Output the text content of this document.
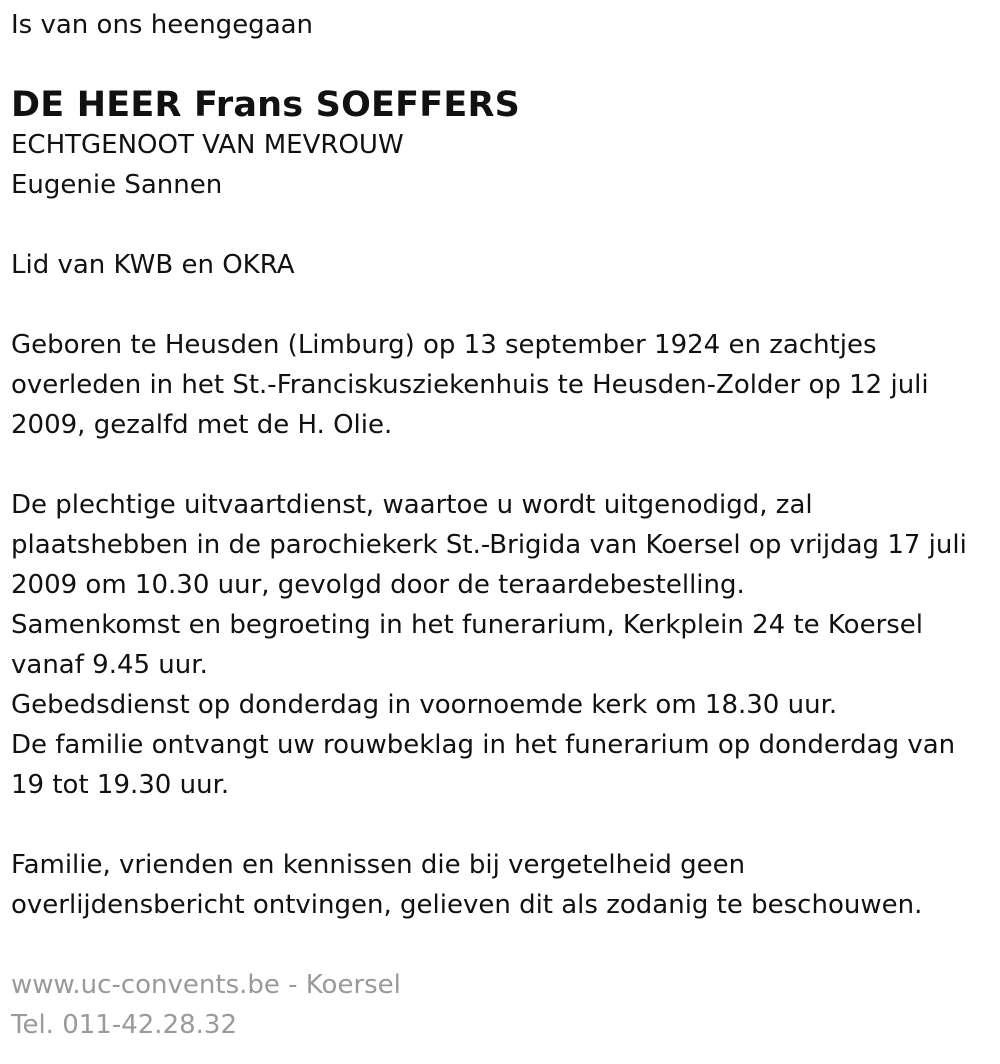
Is van ons heengegaan
DE HEER Frans SOEFFERS
ECHTGENOOT VAN MEVROUW
Eugenie Sannen
Lid van KWB en OKRA
Geboren te Heusden (Limburg) op 13 september 1924 en zachtjes
overleden in het St.-Franciskusziekenhuis te Heusden-Zolder op 12 juli
2009, gezalfd met de H. Olie.
De plechtige uitvaartdienst, waartoe u wordt uitgenodigd, zal
plaatshebben in de parochiekerk St.-Brigida van Koersel op vrijdag 17 juli
2009 om 10.30 uur, gevolgd door de teraardebestelling.
Samenkomst en begroeting in het funerarium, Kerkplein 24 te Koersel
vanaf 9.45 uur.
Gebedsdienst op donderdag in voornoemde kerk om 18.30 uur.
De familie ontvangt uw rouwbeklag in het funerarium op donderdag van
19 tot 19.30 uur.
Familie, vrienden en kennissen die bij vergetelheid geen
overlijdensbericht ontvingen, gelieven dit als zodanig te beschouwen.
www.uc-convents.be - Koersel
Tel. 011-42.28.32
